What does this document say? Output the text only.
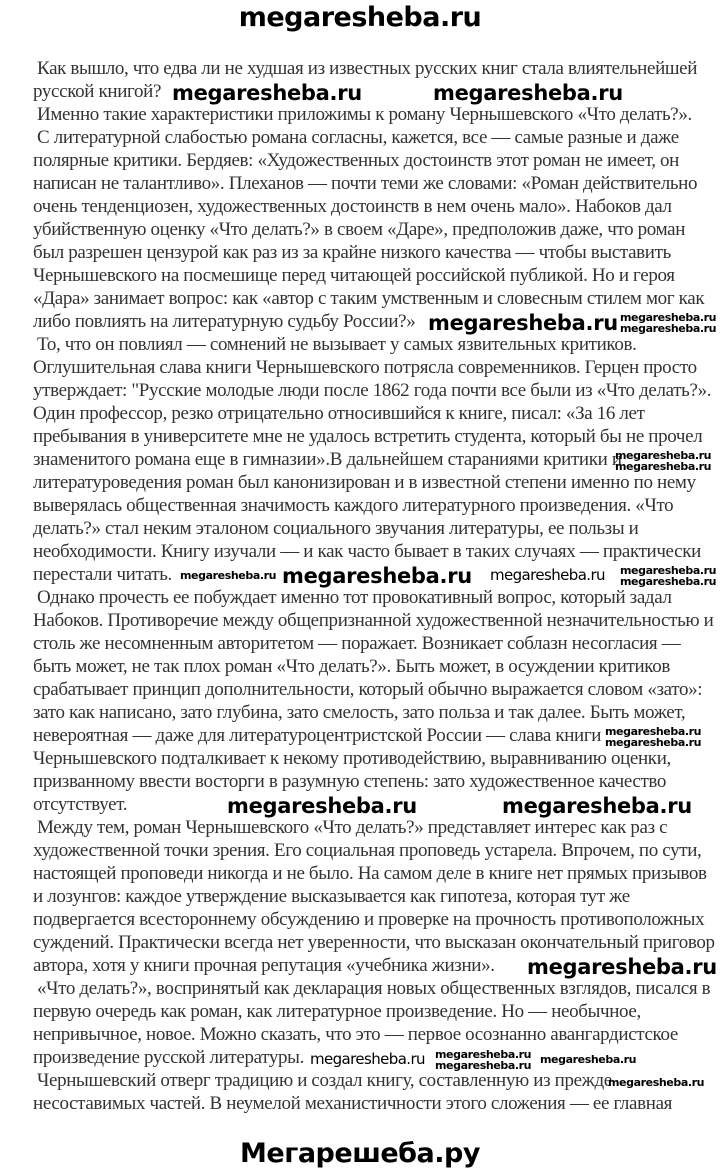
megaresheba.ru
Как вышло, что едва ли не худшая из известных русских книг стала влиятельнейшей
русской книгой?
Именно такие характеристики приложимы к роману Чернышевского «Что делать?».
С литературной слабостью романа согласны, кажется, все — самые разные и даже
полярные критики. Бердяев: «Художественных достоинств этот роман не имеет, он
написан не талантливо». Плеханов — почти теми же словами: «Роман действительно
очень тенденциозен, художественных достоинств в нем очень мало». Набоков дал
убийственную оценку «Что делать?» в своем «Даре», предположив даже, что роман
был разрешен цензурой как раз из за крайне низкого качества — чтобы выставить
Чернышевского на посмешище перед читающей российской публикой. Но и героя
«Дара» занимает вопрос: как «автор с таким умственным и словесным стилем мог как
либо повлиять на литературную судьбу России?»
То, что он повлиял — сомнений не вызывает у самых язвительных критиков.
Оглушительная слава книги Чернышевского потрясла современников. Герцен просто
утверждает: "Русские молодые люди после 1862 года почти все были из «Что делать?».
Один профессор, резко отрицательно относившийся к книге, писал: «За 16 лет
пребывания в университете мне не удалось встретить студента, который бы не прочел
знаменитого романа еще в гимназии».В дальнейшем стараниями критики и
литературоведения роман был канонизирован и в известной степени именно по нему
выверялась общественная значимость каждого литературного произведения. «Что
делать?» стал неким эталоном социального звучания литературы, ее пользы и
необходимости. Книгу изучали — и как часто бывает в таких случаях — практически
перестали читать.
Однако прочесть ее побуждает именно тот провокативный вопрос, который задал
Набоков. Противоречие между общепризнанной художественной незначительностью и
столь же несомненным авторитетом — поражает. Возникает соблазн несогласия —
быть может, не так плох роман «Что делать?». Быть может, в осуждении критиков
срабатывает принцип дополнительности, который обычно выражается словом «зато»:
зато как написано, зато глубина, зато смелость, зато польза и так далее. Быть может,
невероятная — даже для литературоцентристской России — слава книги
Чернышевского подталкивает к некому противодействию, выравниванию оценки,
призванному ввести восторги в разумную степень: зато художественное качество
отсутствует.
Между тем, роман Чернышевского «Что делать?» представляет интерес как раз с
художественной точки зрения. Его социальная проповедь устарела. Впрочем, по сути,
настоящей проповеди никогда и не было. На самом деле в книге нет прямых призывов
и лозунгов: каждое утверждение высказывается как гипотеза, которая тут же
подвергается всестороннему обсуждению и проверке на прочность противоположных
суждений. Практически всегда нет уверенности, что высказан окончательный приговор
автора, хотя у книги прочная репутация «учебника жизни».
«Что делать?», воспринятый как декларация новых общественных взглядов, писался в
первую очередь как роман, как литературное произведение. Но — необычное,
непривычное, новое. Можно сказать, что это — первое осознанно авангардистское
произведение русской литературы.
Чернышевский отверг традицию и создал книгу, составленную из прежде
несоставимых частей. В неумелой механистичности этого сложения — ее главная
megaresheba.ru	megaresheba.ru
megaresheba.ru megaresheba.ru
megaresheba.ru
megaresheba.ru
megaresheba.ru
megaresheba.ru megaresheba.ru megaresheba.ru megaresheba.ru
megaresheba.ru
megaresheba.ru
megaresheba.ru
megaresheba.ru	megaresheba.ru
megaresheba.ru
megaresheba.ru megaresheba.ru
megaresheba.ru megaresheba.ru
megaresheba.ru
Мегарешеба.ру
